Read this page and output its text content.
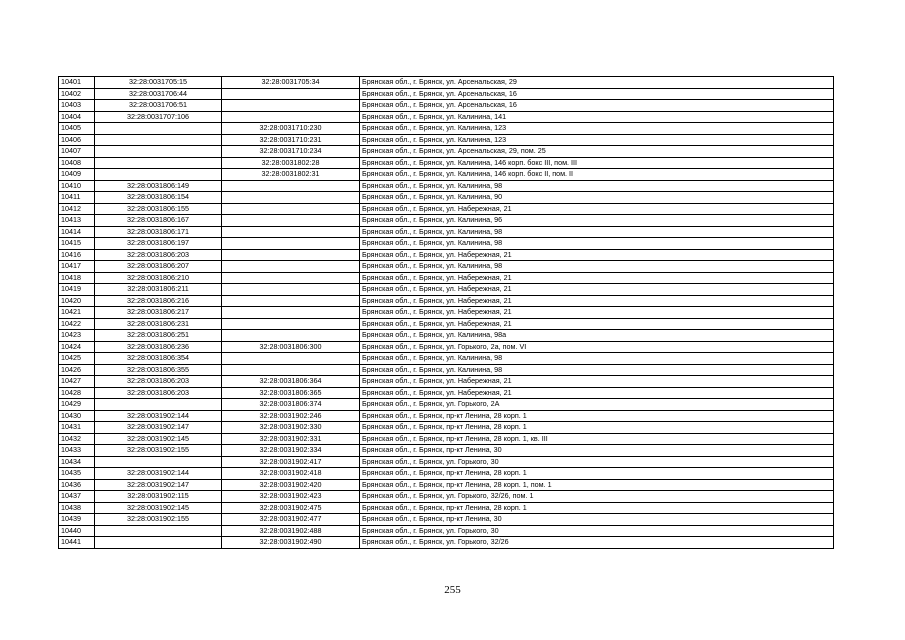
10401	32:28:0031705:15	32:28:0031705:34	Брянская обл., г. Брянск, ул. Арсенальская, 29
10402	32:28:0031706:44		Брянская обл., г. Брянск, ул. Арсенальская, 16
10403	32:28:0031706:51		Брянская обл., г. Брянск, ул. Арсенальская, 16
10404	32:28:0031707:106		Брянская обл., г. Брянск, ул. Калинина, 141
10405		32:28:0031710:230	Брянская обл., г. Брянск, ул. Калинина, 123
10406		32:28:0031710:231	Брянская обл., г. Брянск, ул. Калинина, 123
10407		32:28:0031710:234	Брянская обл., г. Брянск, ул. Арсенальская, 29, пом. 25
10408		32:28:0031802:28	Брянская обл., г. Брянск, ул. Калинина, 146 корп. бокс III, пом. III
10409		32:28:0031802:31	Брянская обл., г. Брянск, ул. Калинина, 146 корп. бокс II, пом. II
10410	32:28:0031806:149		Брянская обл., г. Брянск, ул. Калинина, 98
10411	32:28:0031806:154		Брянская обл., г. Брянск, ул. Калинина, 90
10412	32:28:0031806:155		Брянская обл., г. Брянск, ул. Набережная, 21
10413	32:28:0031806:167		Брянская обл., г. Брянск, ул. Калинина, 96
10414	32:28:0031806:171		Брянская обл., г. Брянск, ул. Калинина, 98
10415	32:28:0031806:197		Брянская обл., г. Брянск, ул. Калинина, 98
10416	32:28:0031806:203		Брянская обл., г. Брянск, ул. Набережная, 21
10417	32:28:0031806:207		Брянская обл., г. Брянск, ул. Калинина, 98
10418	32:28:0031806:210		Брянская обл., г. Брянск, ул. Набережная, 21
10419	32:28:0031806:211		Брянская обл., г. Брянск, ул. Набережная, 21
10420	32:28:0031806:216		Брянская обл., г. Брянск, ул. Набережная, 21
10421	32:28:0031806:217		Брянская обл., г. Брянск, ул. Набережная, 21
10422	32:28:0031806:231		Брянская обл., г. Брянск, ул. Набережная, 21
10423	32:28:0031806:251		Брянская обл., г. Брянск, ул. Калинина, 98а
10424	32:28:0031806:236	32:28:0031806:300	Брянская обл., г. Брянск, ул. Горького, 2а, пом. VI
10425	32:28:0031806:354		Брянская обл., г. Брянск, ул. Калинина, 98
10426	32:28:0031806:355		Брянская обл., г. Брянск, ул. Калинина, 98
10427	32:28:0031806:203	32:28:0031806:364	Брянская обл., г. Брянск, ул. Набережная, 21
10428	32:28:0031806:203	32:28:0031806:365	Брянская обл., г. Брянск, ул. Набережная, 21
10429		32:28:0031806:374	Брянская обл., г. Брянск, ул. Горького, 2А
10430	32:28:0031902:144	32:28:0031902:246	Брянская обл., г. Брянск, пр-кт Ленина, 28 корп. 1
10431	32:28:0031902:147	32:28:0031902:330	Брянская обл., г. Брянск, пр-кт Ленина, 28 корп. 1
10432	32:28:0031902:145	32:28:0031902:331	Брянская обл., г. Брянск, пр-кт Ленина, 28 корп. 1, кв. III
10433	32:28:0031902:155	32:28:0031902:334	Брянская обл., г. Брянск, пр-кт Ленина, 30
10434		32:28:0031902:417	Брянская обл., г. Брянск, ул. Горького, 30
10435	32:28:0031902:144	32:28:0031902:418	Брянская обл., г. Брянск, пр-кт Ленина, 28 корп. 1
10436	32:28:0031902:147	32:28:0031902:420	Брянская обл., г. Брянск, пр-кт Ленина, 28 корп. 1, пом. 1
10437	32:28:0031902:115	32:28:0031902:423	Брянская обл., г. Брянск, ул. Горького, 32/26, пом. 1
10438	32:28:0031902:145	32:28:0031902:475	Брянская обл., г. Брянск, пр-кт Ленина, 28 корп. 1
10439	32:28:0031902:155	32:28:0031902:477	Брянская обл., г. Брянск, пр-кт Ленина, 30
10440		32:28:0031902:488	Брянская обл., г. Брянск, ул. Горького, 30
10441		32:28:0031902:490	Брянская обл., г. Брянск, ул. Горького, 32/26
255
